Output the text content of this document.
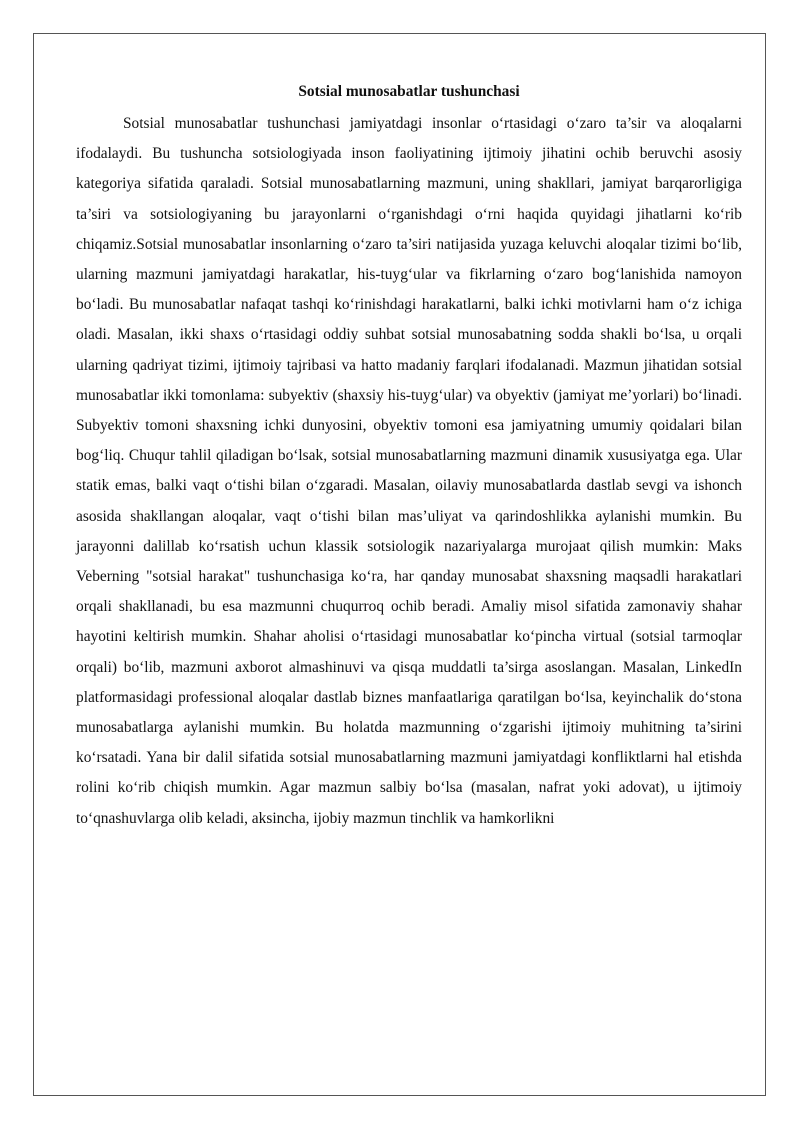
Sotsial munosabatlar tushunchasi

Sotsial munosabatlar tushunchasi jamiyatdagi insonlar o‘rtasidagi o‘zaro ta’sir va aloqalarni ifodalaydi. Bu tushuncha sotsiologiyada inson faoliyatining ijtimoiy jihatini ochib beruvchi asosiy kategoriya sifatida qaraladi. Sotsial munosabatlarning mazmuni, uning shakllari, jamiyat barqarorligiga ta’siri va sotsiologiyaning bu jarayonlarni o‘rganishdagi o‘rni haqida quyidagi jihatlarni ko‘rib chiqamiz.Sotsial munosabatlar insonlarning o‘zaro ta’siri natijasida yuzaga keluvchi aloqalar tizimi bo‘lib, ularning mazmuni jamiyatdagi harakatlar, his-tuyg‘ular va fikrlarning o‘zaro bog‘lanishida namoyon bo‘ladi. Bu munosabatlar nafaqat tashqi ko‘rinishdagi harakatlarni, balki ichki motivlarni ham o‘z ichiga oladi. Masalan, ikki shaxs o‘rtasidagi oddiy suhbat sotsial munosabatning sodda shakli bo‘lsa, u orqali ularning qadriyat tizimi, ijtimoiy tajribasi va hatto madaniy farqlari ifodalanadi. Mazmun jihatidan sotsial munosabatlar ikki tomonlama: subyektiv (shaxsiy his-tuyg‘ular) va obyektiv (jamiyat me’yorlari) bo‘linadi. Subyektiv tomoni shaxsning ichki dunyosini, obyektiv tomoni esa jamiyatning umumiy qoidalari bilan bog‘liq. Chuqur tahlil qiladigan bo‘lsak, sotsial munosabatlarning mazmuni dinamik xususiyatga ega. Ular statik emas, balki vaqt o‘tishi bilan o‘zgaradi. Masalan, oilaviy munosabatlarda dastlab sevgi va ishonch asosida shakllangan aloqalar, vaqt o‘tishi bilan mas’uliyat va qarindoshlikka aylanishi mumkin. Bu jarayonni dalillab ko‘rsatish uchun klassik sotsiologik nazariyalarga murojaat qilish mumkin: Maks Veberning "sotsial harakat" tushunchasiga ko‘ra, har qanday munosabat shaxsning maqsadli harakatlari orqali shakllanadi, bu esa mazmunni chuqurroq ochib beradi. Amaliy misol sifatida zamonaviy shahar hayotini keltirish mumkin. Shahar aholisi o‘rtasidagi munosabatlar ko‘pincha virtual (sotsial tarmoqlar orqali) bo‘lib, mazmuni axborot almashinuvi va qisqa muddatli ta’sirga asoslangan. Masalan, LinkedIn platformasidagi professional aloqalar dastlab biznes manfaatlariga qaratilgan bo‘lsa, keyinchalik do‘stona munosabatlarga aylanishi mumkin. Bu holatda mazmunning o‘zgarishi ijtimoiy muhitning ta’sirini ko‘rsatadi. Yana bir dalil sifatida sotsial munosabatlarning mazmuni jamiyatdagi konfliktlarni hal etishda rolini ko‘rib chiqish mumkin. Agar mazmun salbiy bo‘lsa (masalan, nafrat yoki adovat), u ijtimoiy to‘qnashuvlarga olib keladi, aksincha, ijobiy mazmun tinchlik va hamkorlikni
